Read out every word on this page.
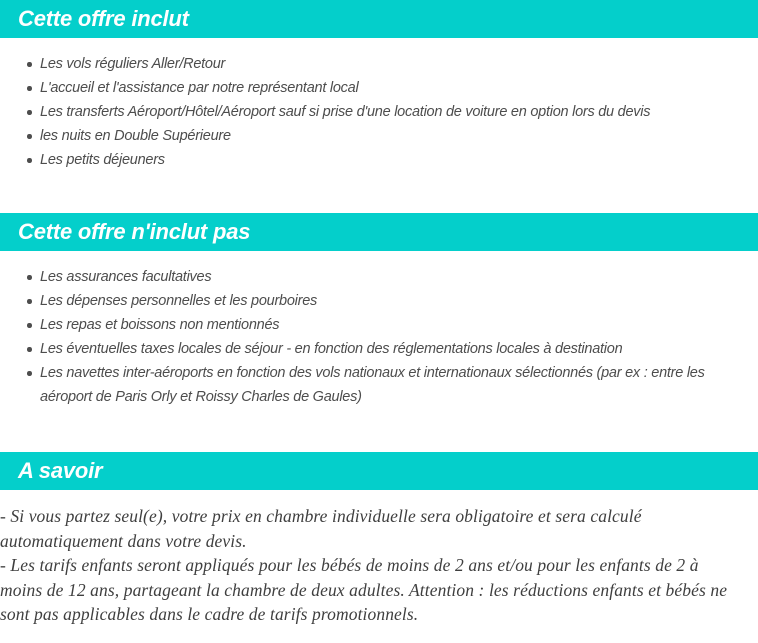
Cette offre inclut
Les vols réguliers Aller/Retour
L'accueil et l'assistance par notre représentant local
Les transferts Aéroport/Hôtel/Aéroport sauf si prise d'une location de voiture en option lors du devis
les nuits en Double Supérieure
Les petits déjeuners
Cette offre n'inclut pas
Les assurances facultatives
Les dépenses personnelles et les pourboires
Les repas et boissons non mentionnés
Les éventuelles taxes locales de séjour - en fonction des réglementations locales à destination
Les navettes inter-aéroports en fonction des vols nationaux et internationaux sélectionnés (par ex : entre les aéroport de Paris Orly et Roissy Charles de Gaules)
A savoir

- Si vous partez seul(e), votre prix en chambre individuelle sera obligatoire et sera calculé automatiquement dans votre devis.

- Les tarifs enfants seront appliqués pour les bébés de moins de 2 ans et/ou pour les enfants de 2 à moins de 12 ans, partageant la chambre de deux adultes. Attention : les réductions enfants et bébés ne sont pas applicables dans le cadre de tarifs promotionnels.
